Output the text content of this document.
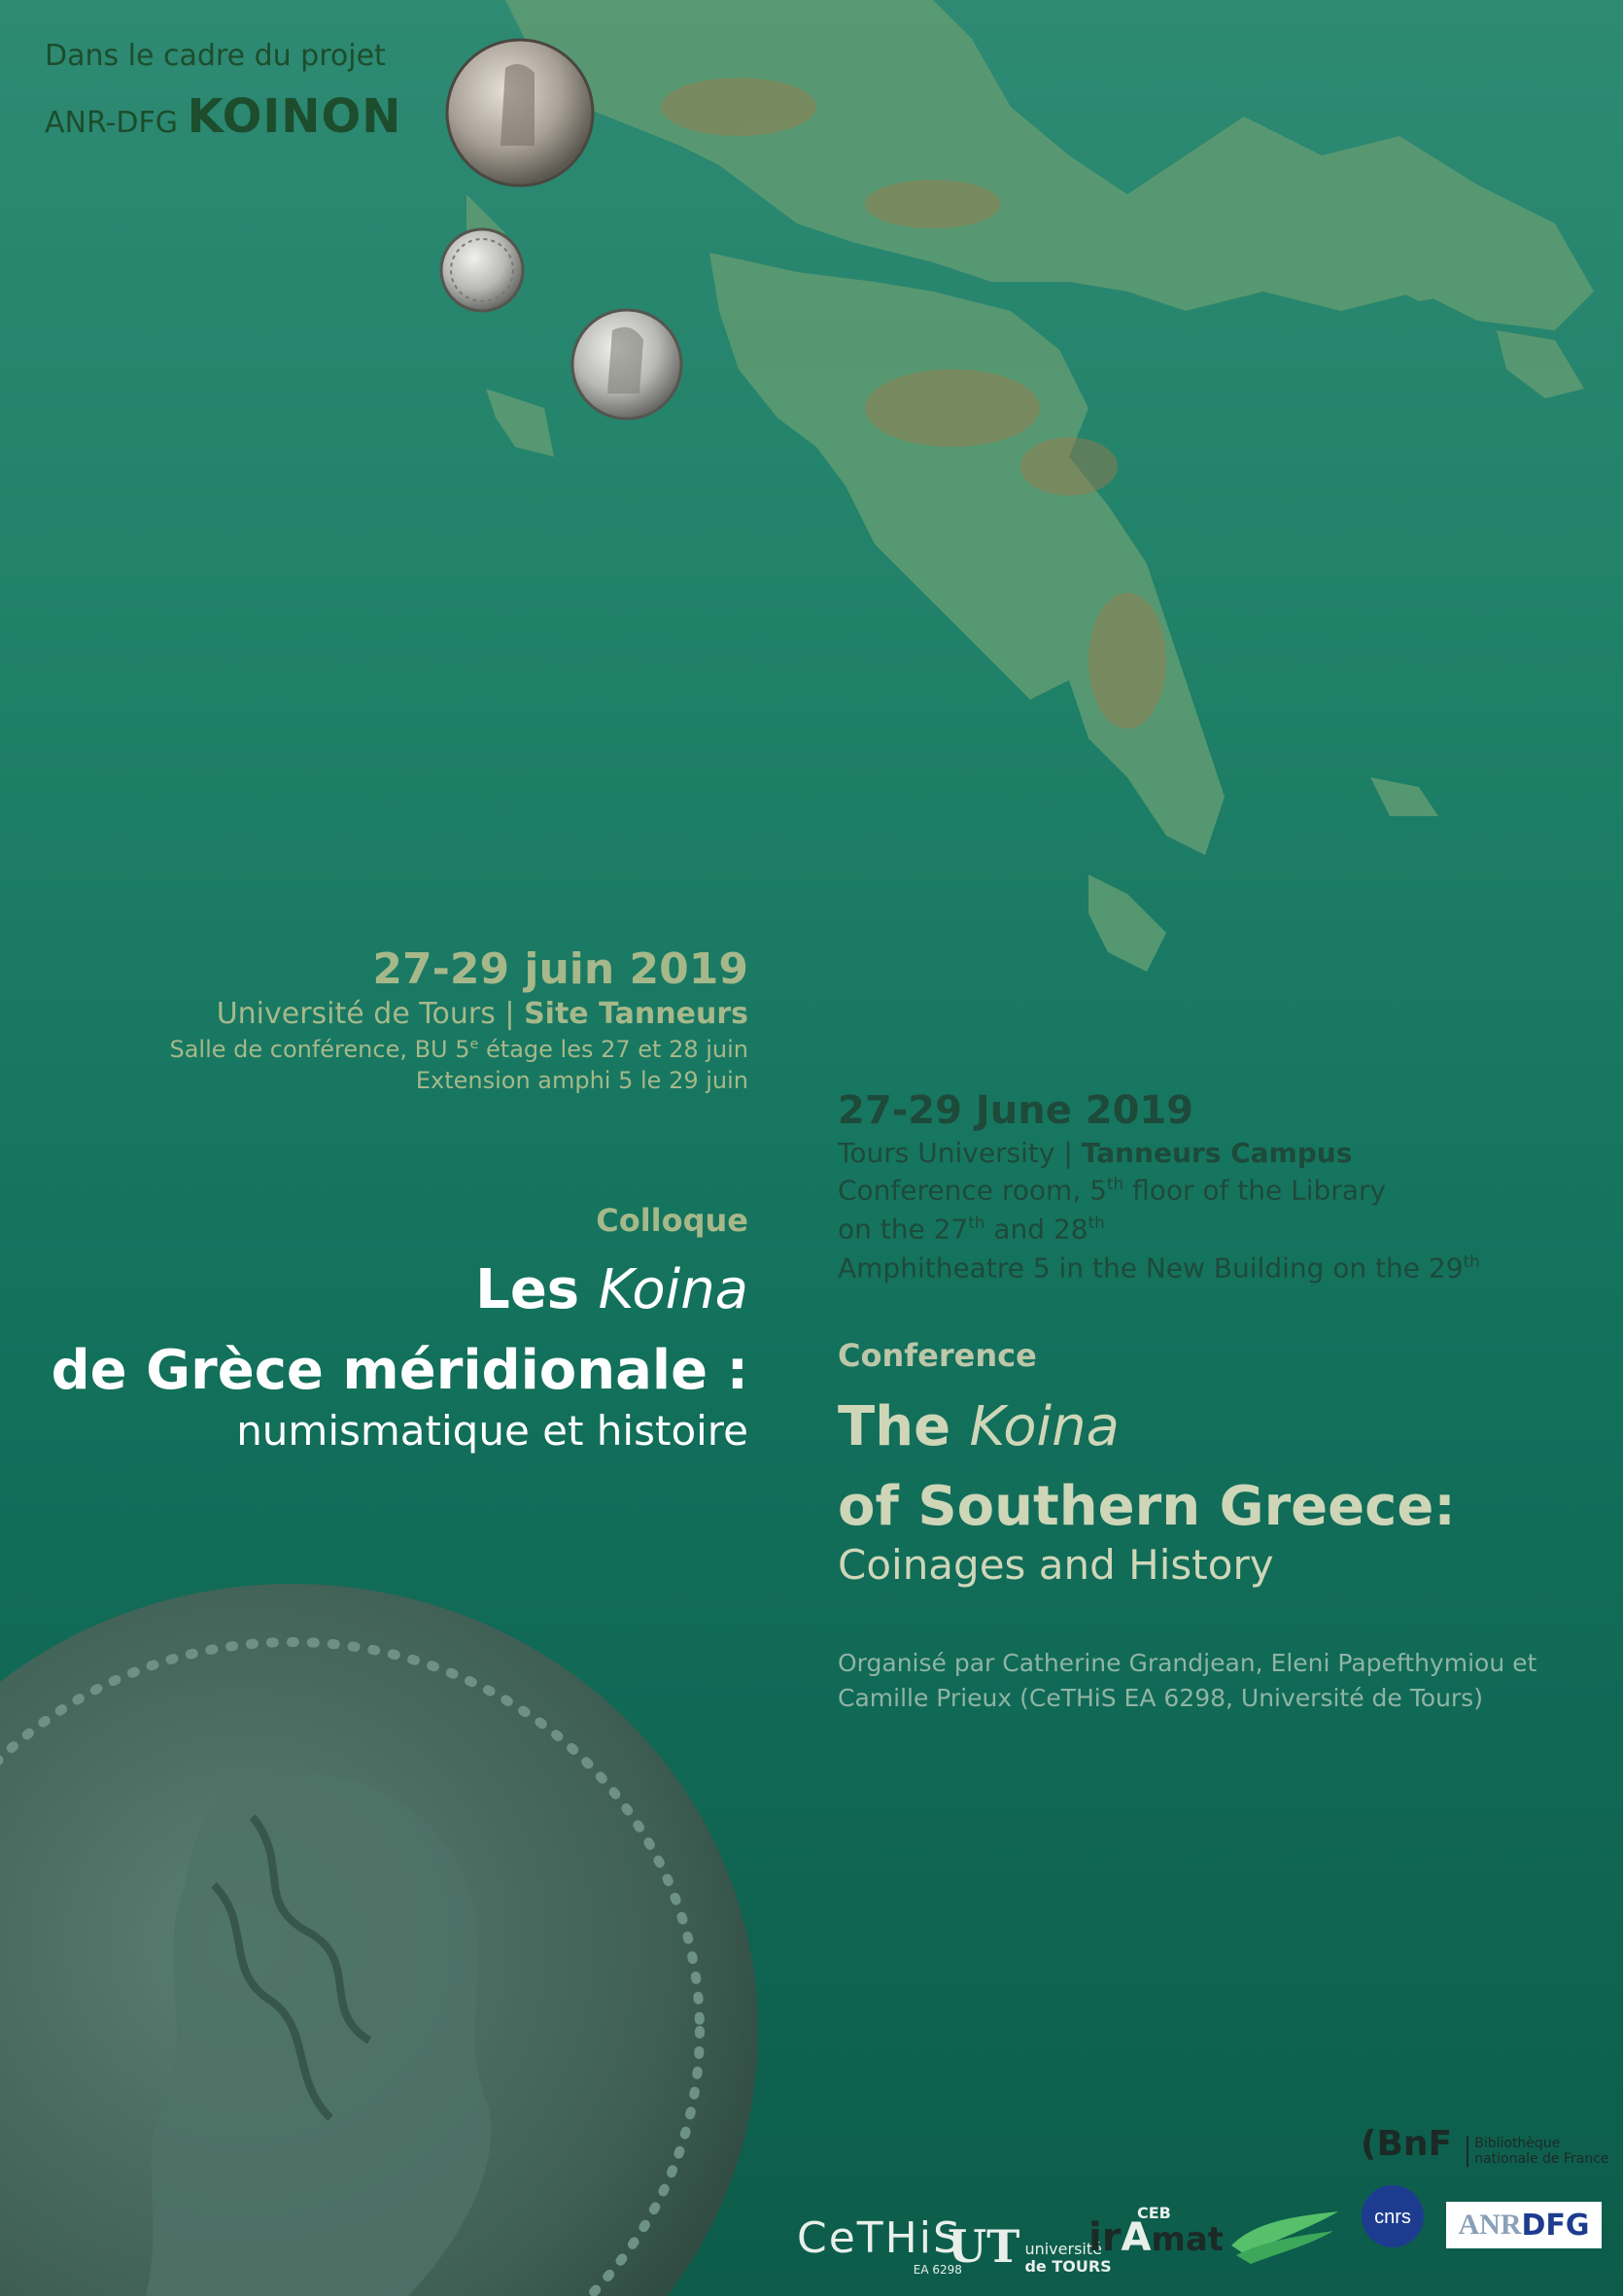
Dans le cadre du projet
ANR-DFG KOINON
27-29 juin 2019
Université de Tours | Site Tanneurs
Salle de conférence, BU 5e étage les 27 et 28 juin
Extension amphi 5 le 29 juin
Colloque
Les Koina
de Grèce méridionale :
numismatique et histoire
27-29 June 2019
Tours University | Tanneurs Campus
Conference room, 5th floor of the Library
on the 27th and 28th
Amphitheatre 5 in the New Building on the 29th
Conference
The Koina
of Southern Greece:
Coinages and History
Organisé par Catherine Grandjean, Eleni Papefthymiou et
Camille Prieux (CeTHiS EA 6298, Université de Tours)
(BnF Bibliothèque
nationale de France
CeTHiS
EA 6298
UT université
de TOURS
irAmat
CEB	cnrs ANR DFG
